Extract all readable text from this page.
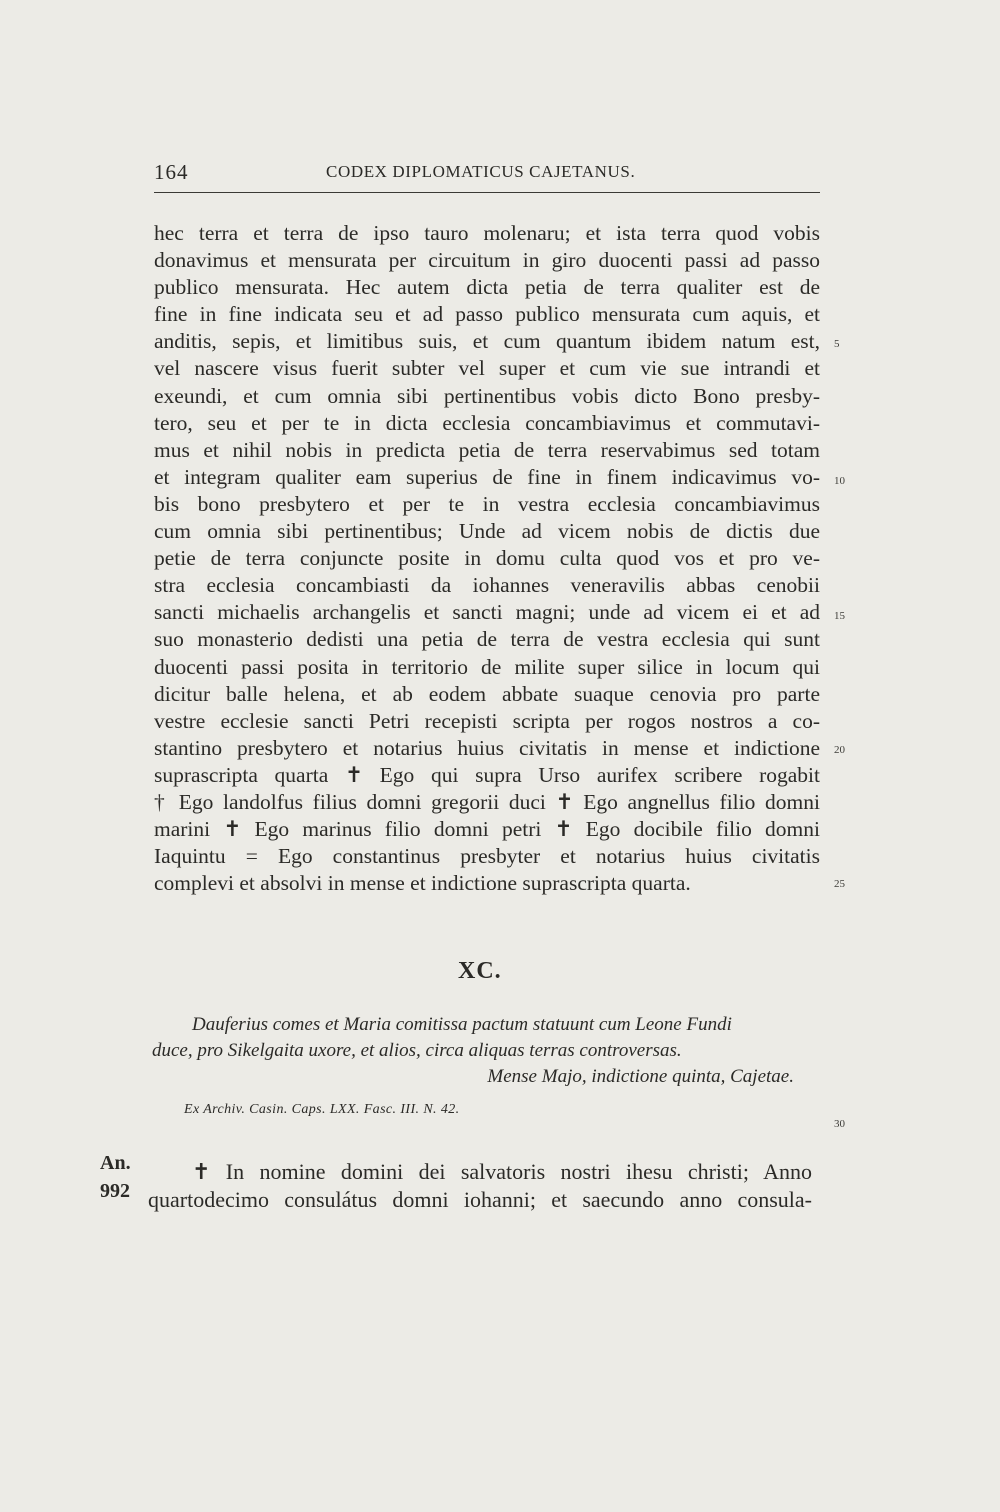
164	CODEX DIPLOMATICUS CAJETANUS.
hec terra et terra de ipso tauro molenaru; et ista terra quod vobis
donavimus et mensurata per circuitum in giro duocenti passi ad passo
publico mensurata. Hec autem dicta petia de terra qualiter est de
fine in fine indicata seu et ad passo publico mensurata cum aquis, et
anditis, sepis, et limitibus suis, et cum quantum ibidem natum est,
vel nascere visus fuerit subter vel super et cum vie sue intrandi et
exeundi, et cum omnia sibi pertinentibus vobis dicto Bono presby-
tero, seu et per te in dicta ecclesia concambiavimus et commutavi-
mus et nihil nobis in predicta petia de terra reservabimus sed totam
et integram qualiter eam superius de fine in finem indicavimus vo-
bis bono presbytero et per te in vestra ecclesia concambiavimus
cum omnia sibi pertinentibus; Unde ad vicem nobis de dictis due
petie de terra conjuncte posite in domu culta quod vos et pro ve-
stra ecclesia concambiasti da iohannes veneravilis abbas cenobii
sancti michaelis archangelis et sancti magni; unde ad vicem ei et ad
suo monasterio dedisti una petia de terra de vestra ecclesia qui sunt
duocenti passi posita in territorio de milite super silice in locum qui
dicitur balle helena, et ab eodem abbate suaque cenovia pro parte
vestre ecclesie sancti Petri recepisti scripta per rogos nostros a co-
stantino presbytero et notarius huius civitatis in mense et indictione
suprascripta quarta ✝ Ego qui supra Urso aurifex scribere rogabit
† Ego landolfus filius domni gregorii duci ✝ Ego angnellus filio domni
marini ✝ Ego marinus filio domni petri ✝ Ego docibile filio domni
Iaquintu = Ego constantinus presbyter et notarius huius civitatis
complevi et absolvi in mense et indictione suprascripta quarta.
5
10
15
20
25
30
XC.
Dauferius comes et Maria comitissa pactum statuunt cum Leone Fundi
duce, pro Sikelgaita uxore, et alios, circa aliquas terras controversas.
Mense Majo, indictione quinta, Cajetae.
Ex Archiv. Casin. Caps. LXX. Fasc. III. N. 42.
An.
992
✝ In nomine domini dei salvatoris nostri ihesu christi; Anno
quartodecimo consulátus domni iohanni; et saecundo anno consula-
